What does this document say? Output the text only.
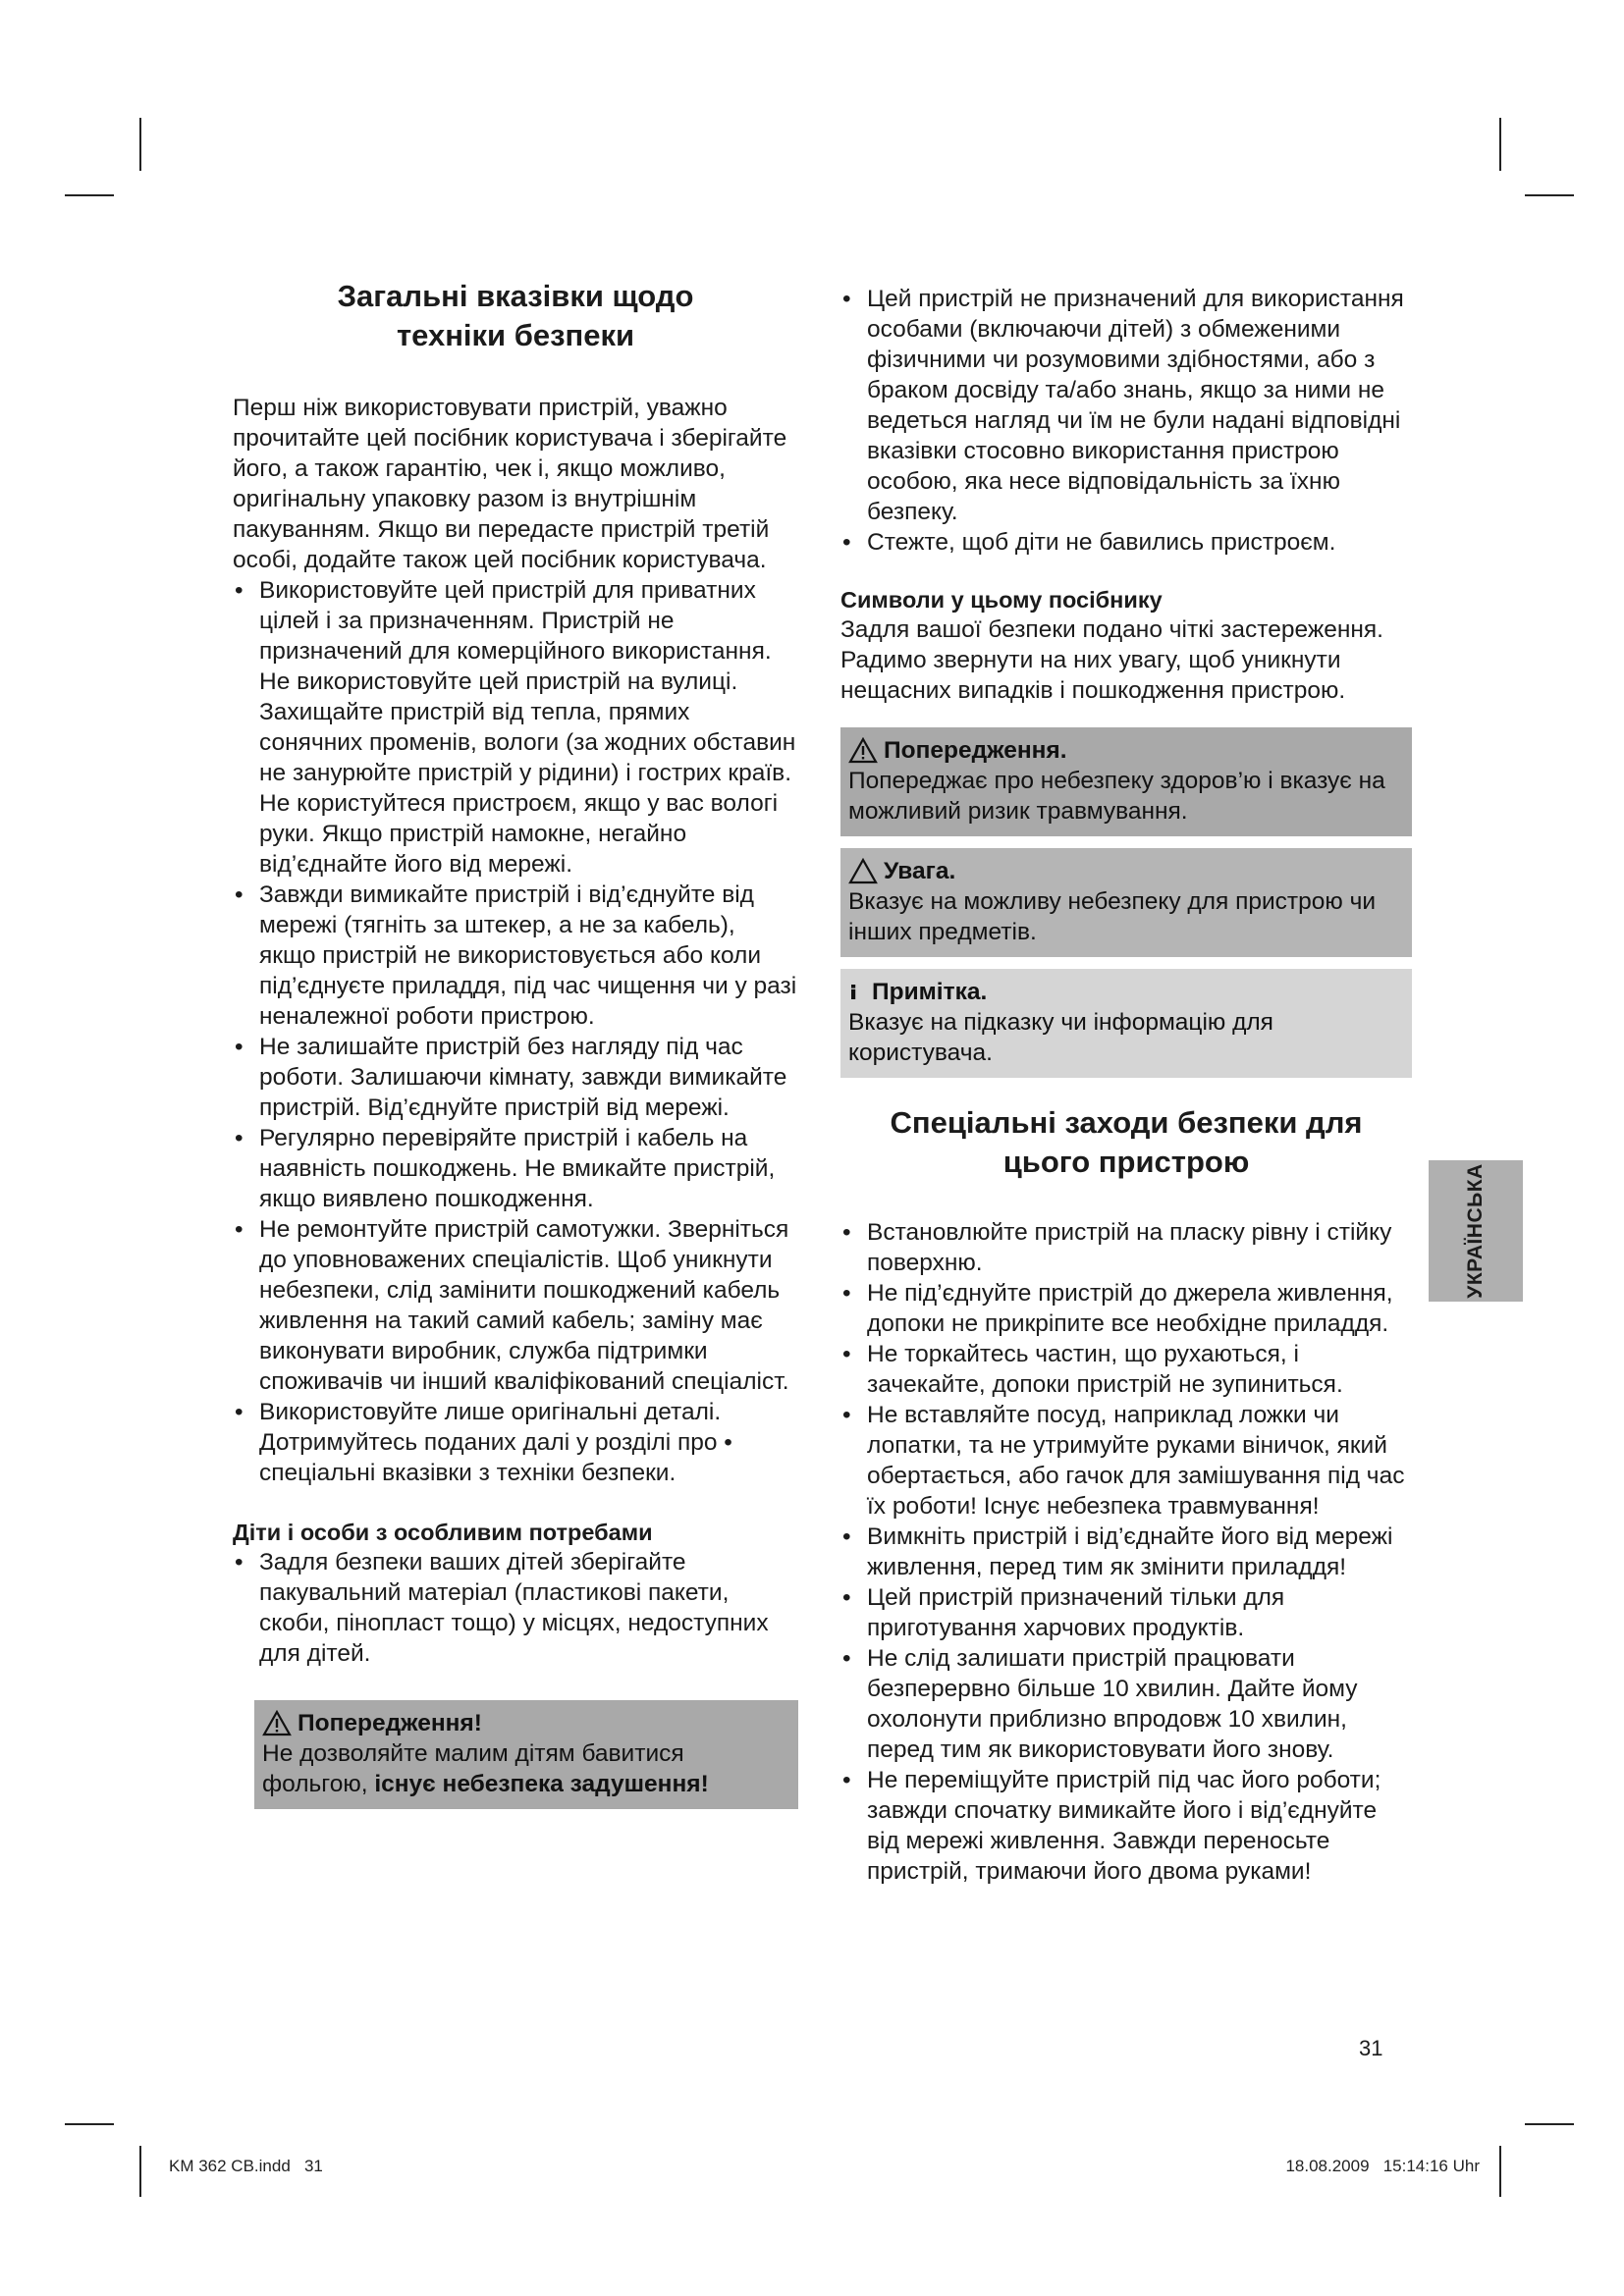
Загальні вказівки щодо техніки безпеки

Перш ніж використовувати пристрій, уважно прочитайте цей посібник користувача і зберігайте його, а також гарантію, чек і, якщо можливо, оригінальну упаковку разом із внутрішнім пакуванням. Якщо ви передасте пристрій третій особі, додайте також цей посібник користувача.

• Використовуйте цей пристрій для приватних цілей і за призначенням. Пристрій не призначений для комерційного використання. Не використовуйте цей пристрій на вулиці. Захищайте пристрій від тепла, прямих сонячних променів, вологи (за жодних обставин не занурюйте пристрій у рідини) і гострих країв. Не користуйтеся пристроєм, якщо у вас вологі руки. Якщо пристрій намокне, негайно від’єднайте його від мережі.
• Завжди вимикайте пристрій і від’єднуйте від мережі (тягніть за штекер, а не за кабель), якщо пристрій не використовується або коли під’єднуєте приладдя, під час чищення чи у разі неналежної роботи пристрою.
• Не залишайте пристрій без нагляду під час роботи. Залишаючи кімнату, завжди вимикайте пристрій. Від’єднуйте пристрій від мережі.
• Регулярно перевіряйте пристрій і кабель на наявність пошкоджень. Не вмикайте пристрій, якщо виявлено пошкодження.
• Не ремонтуйте пристрій самотужки. Зверніться до уповноважених спеціалістів. Щоб уникнути небезпеки, слід замінити пошкоджений кабель живлення на такий самий кабель; заміну має виконувати виробник, служба підтримки споживачів чи інший кваліфікований спеціаліст.
• Використовуйте лише оригінальні деталі. Дотримуйтесь поданих далі у розділі про • спеціальні вказівки з техніки безпеки.
Діти і особи з особливим потребами
• Задля безпеки ваших дітей зберігайте пакувальний матеріал (пластикові пакети, скоби, пінопласт тощо) у місцях, недоступних для дітей.
Попередження!

Не дозволяйте малим дітям бавитися фольгою, існує небезпека задушення!

• Цей пристрій не призначений для використання особами (включаючи дітей) з обмеженими фізичними чи розумовими здібностями, або з браком досвіду та/або знань, якщо за ними не ведеться нагляд чи їм не були надані відповідні вказівки стосовно використання пристрою особою, яка несе відповідальність за їхню безпеку.
• Стежте, щоб діти не бавились пристроєм.
Символи у цьому посібнику

Задля вашої безпеки подано чіткі застереження. Радимо звернути на них увагу, щоб уникнути нещасних випадків і пошкодження пристрою.

Попередження.

Попереджає про небезпеку здоров’ю і вказує на можливий ризик травмування.

Увага.

Вказує на можливу небезпеку для пристрою чи інших предметів.

Примітка.

Вказує на підказку чи інформацію для користувача.

Спеціальні заходи безпеки для цього пристрою
• Встановлюйте пристрій на пласку рівну і стійку поверхню.
• Не під’єднуйте пристрій до джерела живлення, допоки не прикріпите все необхідне приладдя.
• Не торкайтесь частин, що рухаються, і зачекайте, допоки пристрій не зупиниться.
• Не вставляйте посуд, наприклад ложки чи лопатки, та не утримуйте руками віничок, який обертається, або гачок для замішування під час їх роботи! Існує небезпека травмування!
• Вимкніть пристрій і від’єднайте його від мережі живлення, перед тим як змінити приладдя!
• Цей пристрій призначений тільки для приготування харчових продуктів.
• Не слід залишати пристрій працювати безперервно більше 10 хвилин. Дайте йому охолонути приблизно впродовж 10 хвилин, перед тим як використовувати його знову.
• Не переміщуйте пристрій під час його роботи; завжди спочатку вимикайте його і від’єднуйте від мережі живлення. Завжди переносьте пристрій, тримаючи його двома руками!
УКРАЇНСЬКА
31
KM 362 CB.indd   31	18.08.2009   15:14:16 Uhr
